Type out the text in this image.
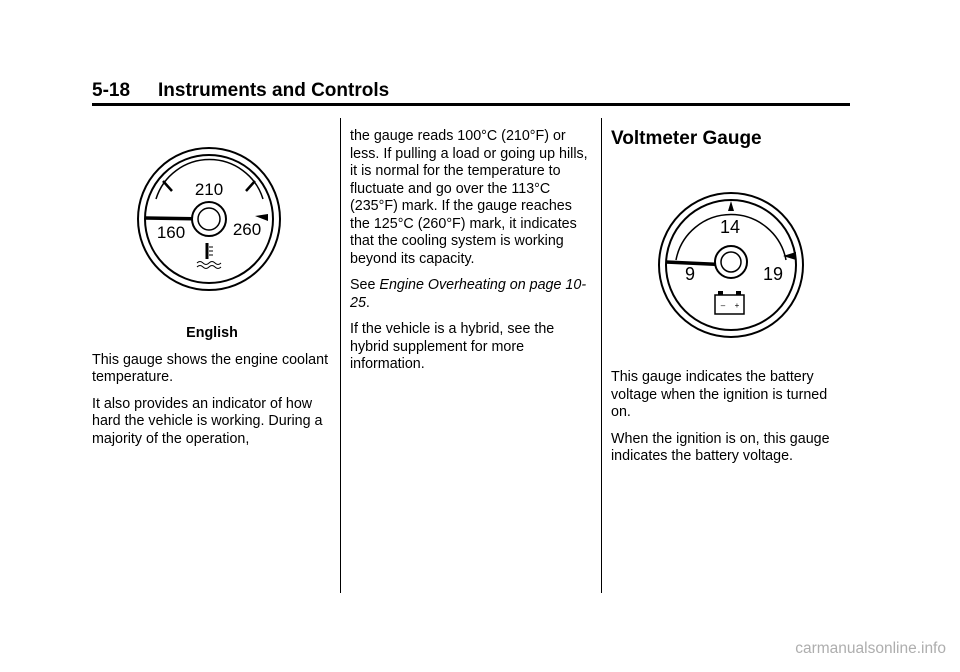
5-18 Instruments and Controls
210
160	260

English

This gauge shows the engine coolant temperature.

It also provides an indicator of how hard the vehicle is working. During a majority of the operation,

the gauge reads 100°C (210°F) or less. If pulling a load or going up hills, it is normal for the temperature to fluctuate and go over the 113°C (235°F) mark. If the gauge reaches the 125°C (260°F) mark, it indicates that the cooling system is working beyond its capacity.

See Engine Overheating on page 10-25.

If the vehicle is a hybrid, see the hybrid supplement for more information.

Voltmeter Gauge
14
9	19
– +

This gauge indicates the battery voltage when the ignition is turned on.

When the ignition is on, this gauge indicates the battery voltage.

carmanualsonline.info
